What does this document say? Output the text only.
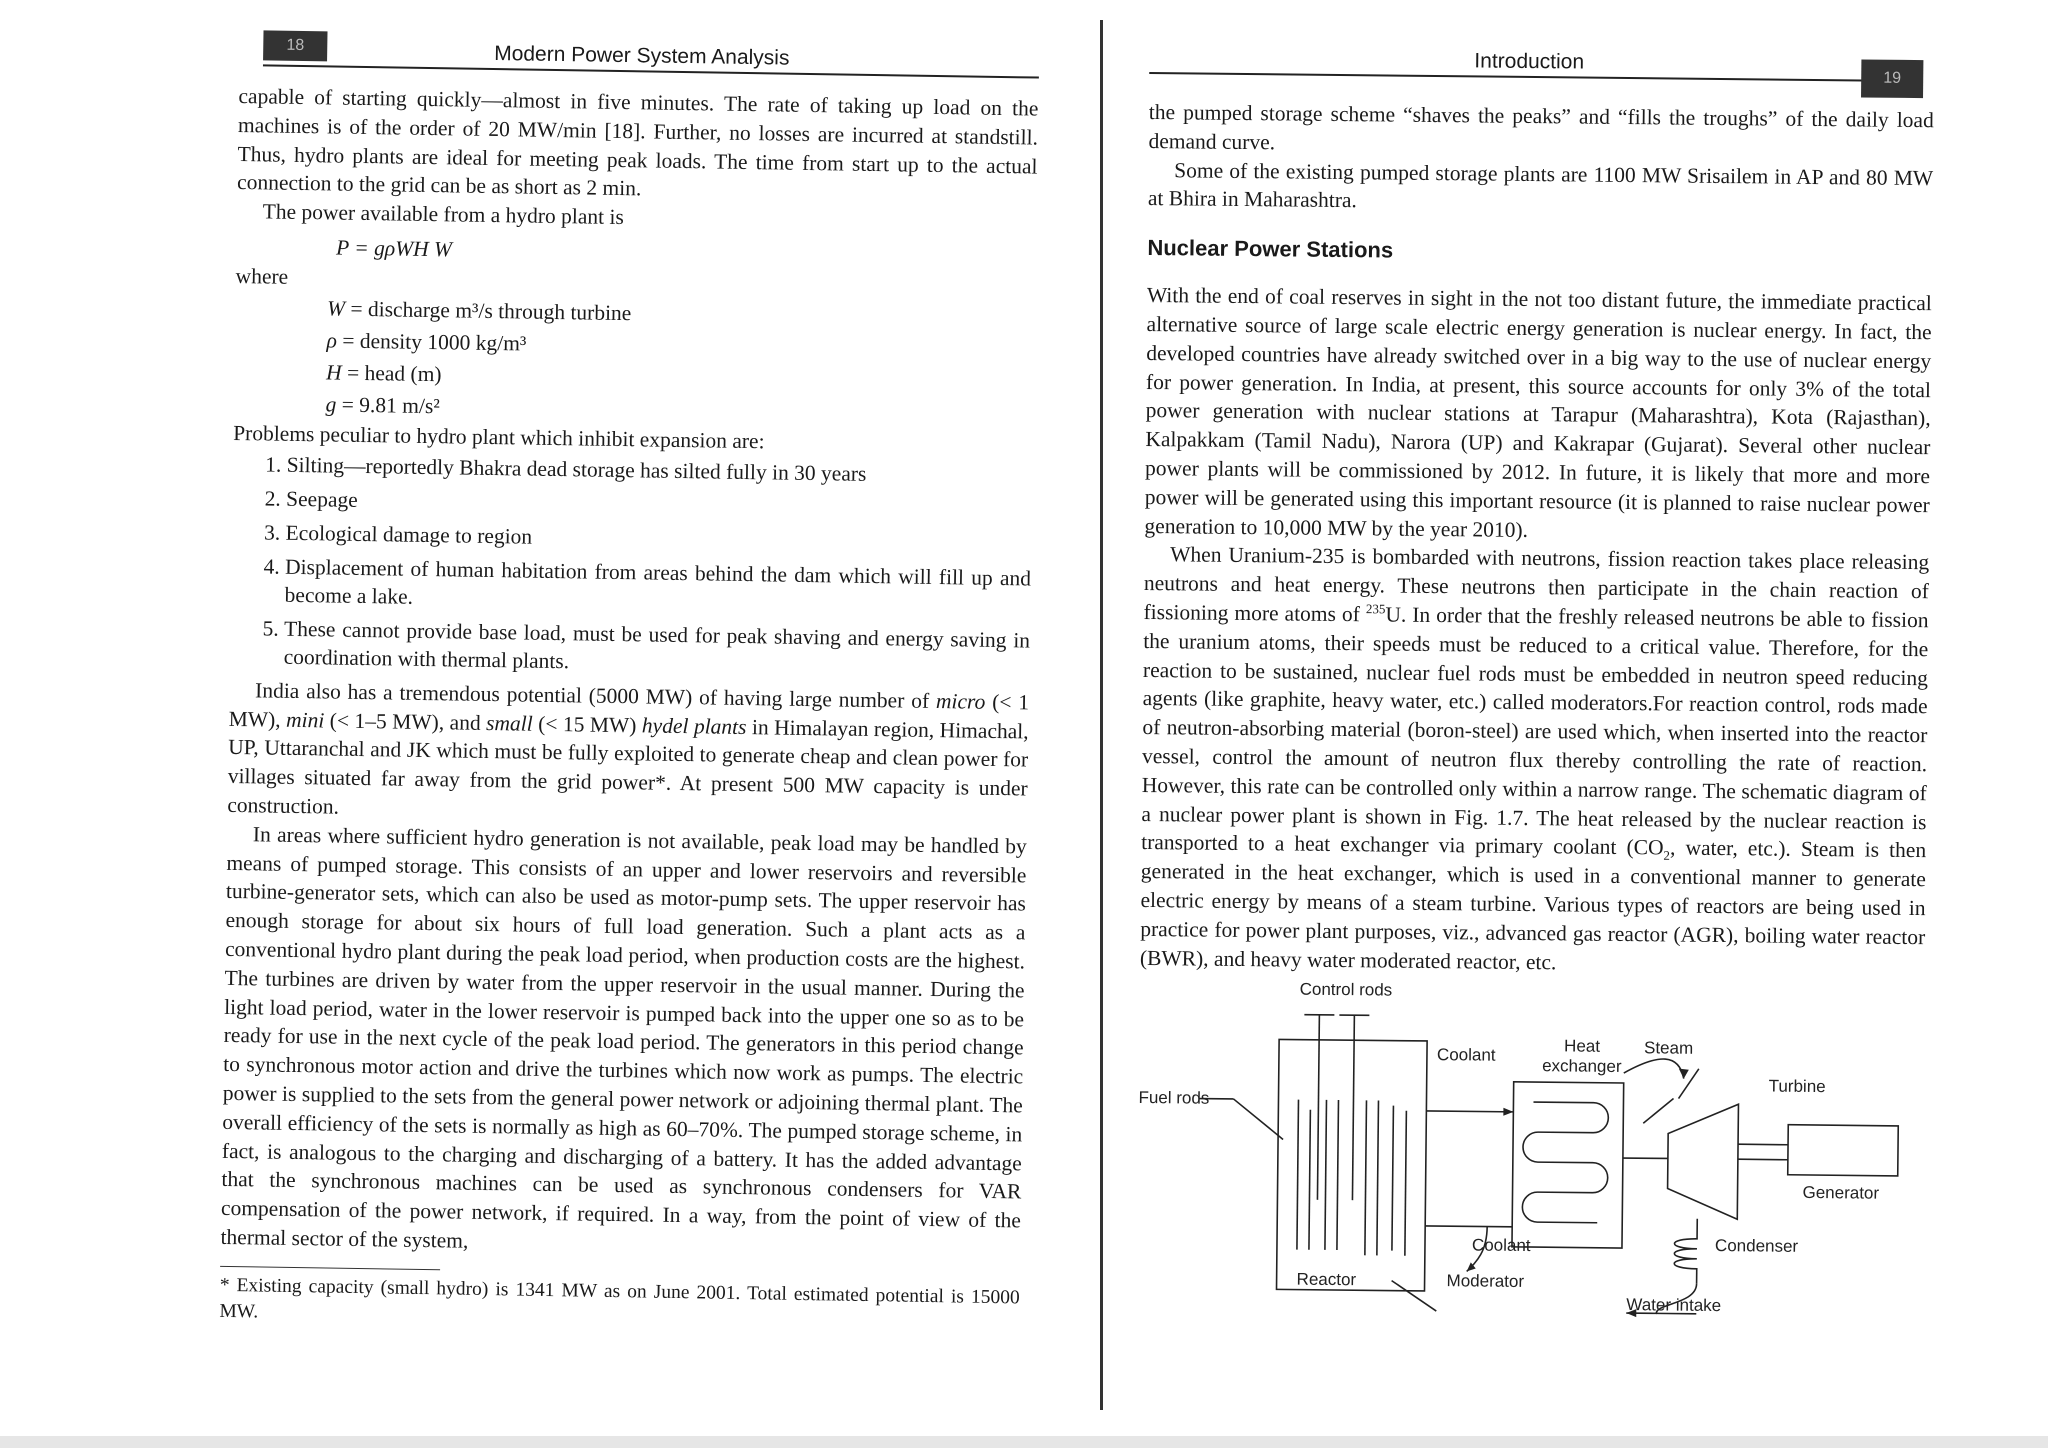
18	Modern Power System Analysis

capable of starting quickly—almost in five minutes. The rate of taking up load on the machines is of the order of 20 MW/min [18]. Further, no losses are incurred at standstill. Thus, hydro plants are ideal for meeting peak loads. The time from start up to the actual connection to the grid can be as short as 2 min.

The power available from a hydro plant is

P = gρWH W
where
W = discharge m³/s through turbine
ρ = density 1000 kg/m³
H = head (m)
g = 9.81 m/s²

Problems peculiar to hydro plant which inhibit expansion are:

1. Silting—reportedly Bhakra dead storage has silted fully in 30 years
2. Seepage
3. Ecological damage to region
4. Displacement of human habitation from areas behind the dam which will fill up and become a lake.
5. These cannot provide base load, must be used for peak shaving and energy saving in coordination with thermal plants.

India also has a tremendous potential (5000 MW) of having large number of micro (< 1 MW), mini (< 1–5 MW), and small (< 15 MW) hydel plants in Himalayan region, Himachal, UP, Uttaranchal and JK which must be fully exploited to generate cheap and clean power for villages situated far away from the grid power*. At present 500 MW capacity is under construction.

In areas where sufficient hydro generation is not available, peak load may be handled by means of pumped storage. This consists of an upper and lower reservoirs and reversible turbine-generator sets, which can also be used as motor-pump sets. The upper reservoir has enough storage for about six hours of full load generation. Such a plant acts as a conventional hydro plant during the peak load period, when production costs are the highest. The turbines are driven by water from the upper reservoir in the usual manner. During the light load period, water in the lower reservoir is pumped back into the upper one so as to be ready for use in the next cycle of the peak load period. The generators in this period change to synchronous motor action and drive the turbines which now work as pumps. The electric power is supplied to the sets from the general power network or adjoining thermal plant. The overall efficiency of the sets is normally as high as 60–70%. The pumped storage scheme, in fact, is analogous to the charging and discharging of a battery. It has the added advantage that the synchronous machines can be used as synchronous condensers for VAR compensation of the power network, if required. In a way, from the point of view of the thermal sector of the system,

* Existing capacity (small hydro) is 1341 MW as on June 2001. Total estimated potential is 15000 MW.
Introduction
19

the pumped storage scheme “shaves the peaks” and “fills the troughs” of the daily load demand curve.

Some of the existing pumped storage plants are 1100 MW Srisailem in AP and 80 MW at Bhira in Maharashtra.

Nuclear Power Stations

With the end of coal reserves in sight in the not too distant future, the immediate practical alternative source of large scale electric energy generation is nuclear energy. In fact, the developed countries have already switched over in a big way to the use of nuclear energy for power generation. In India, at present, this source accounts for only 3% of the total power generation with nuclear stations at Tarapur (Maharashtra), Kota (Rajasthan), Kalpakkam (Tamil Nadu), Narora (UP) and Kakrapar (Gujarat). Several other nuclear power plants will be commissioned by 2012. In future, it is likely that more and more power will be generated using this important resource (it is planned to raise nuclear power generation to 10,000 MW by the year 2010).

When Uranium-235 is bombarded with neutrons, fission reaction takes place releasing neutrons and heat energy. These neutrons then participate in the chain reaction of fissioning more atoms of $^{235}$U. In order that the freshly released neutrons be able to fission the uranium atoms, their speeds must be reduced to a critical value. Therefore, for the reaction to be sustained, nuclear fuel rods must be embedded in neutron speed reducing agents (like graphite, heavy water, etc.) called moderators.For reaction control, rods made of neutron-absorbing material (boron-steel) are used which, when inserted into the reactor vessel, control the amount of neutron flux thereby controlling the rate of reaction. However, this rate can be controlled only within a narrow range. The schematic diagram of a nuclear power plant is shown in Fig. 1.7. The heat released by the nuclear reaction is transported to a heat exchanger via primary coolant ($CO_2$, water, etc.). Steam is then generated in the heat exchanger, which is used in a conventional manner to generate electric energy by means of a steam turbine. Various types of reactors are being used in practice for power plant purposes, viz., advanced gas reactor (AGR), boiling water reactor (BWR), and heavy water moderated reactor, etc.

Control rods
Coolant	Heat
exchanger
Steam
Turbine
Fuel rods
Generator
Condenser
Coolant
Reactor	Moderator
Water intake
